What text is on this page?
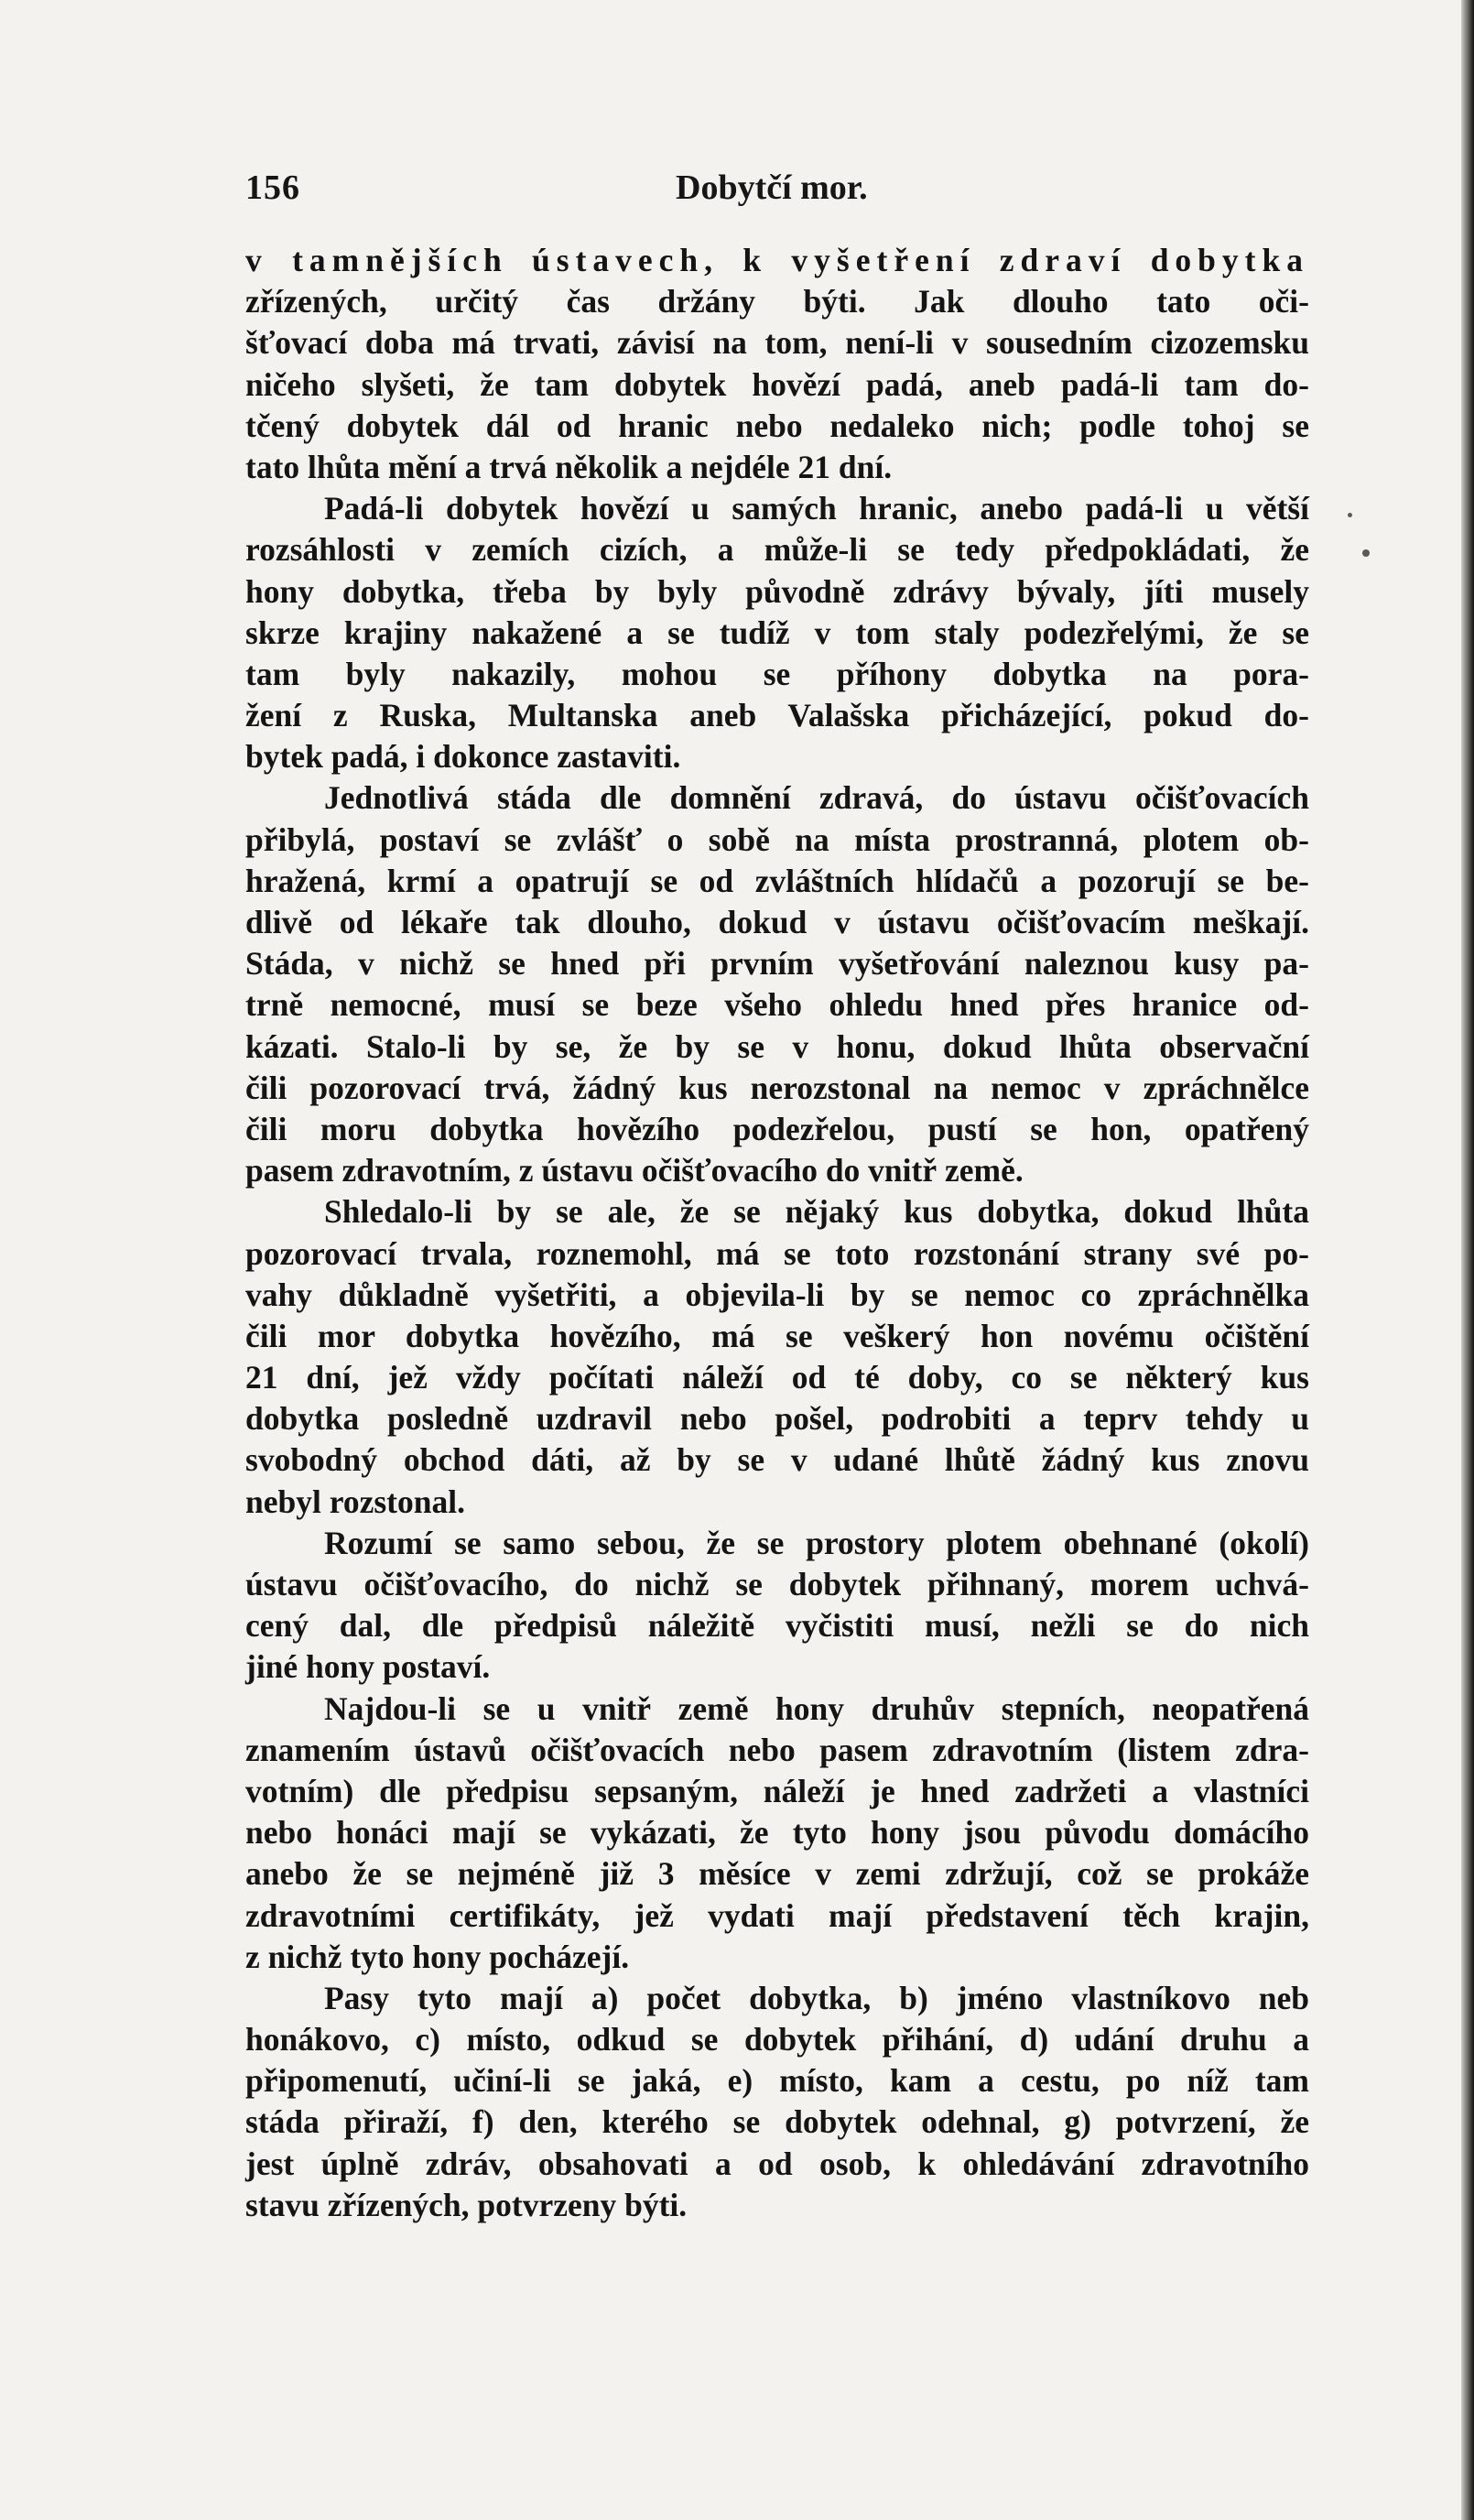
156	Dobytčí mor.
v tamnějších ústavech, k vyšetření zdraví dobytka
zřízených, určitý čas držány býti. Jak dlouho tato oči-
šťovací doba má trvati, závisí na tom, není-li v sousedním cizozemsku
ničeho slyšeti, že tam dobytek hovězí padá, aneb padá-li tam do-
tčený dobytek dál od hranic nebo nedaleko nich; podle tohoj se
tato lhůta mění a trvá několik a nejdéle 21 dní.
Padá-li dobytek hovězí u samých hranic, anebo padá-li u větší
rozsáhlosti v zemích cizích, a může-li se tedy předpokládati, že
hony dobytka, třeba by byly původně zdrávy bývaly, jíti musely
skrze krajiny nakažené a se tudíž v tom staly podezřelými, že se
tam byly nakazily, mohou se příhony dobytka na pora-
žení z Ruska, Multanska aneb Valašska přicházející, pokud do-
bytek padá, i dokonce zastaviti.
Jednotlivá stáda dle domnění zdravá, do ústavu očišťovacích
přibylá, postaví se zvlášť o sobě na místa prostranná, plotem ob-
hražená, krmí a opatrují se od zvláštních hlídačů a pozorují se be-
dlivě od lékaře tak dlouho, dokud v ústavu očišťovacím meškají.
Stáda, v nichž se hned při prvním vyšetřování naleznou kusy pa-
trně nemocné, musí se beze všeho ohledu hned přes hranice od-
kázati. Stalo-li by se, že by se v honu, dokud lhůta observační
čili pozorovací trvá, žádný kus nerozstonal na nemoc v zpráchnělce
čili moru dobytka hovězího podezřelou, pustí se hon, opatřený
pasem zdravotním, z ústavu očišťovacího do vnitř země.
Shledalo-li by se ale, že se nějaký kus dobytka, dokud lhůta
pozorovací trvala, roznemohl, má se toto rozstonání strany své po-
vahy důkladně vyšetřiti, a objevila-li by se nemoc co zpráchnělka
čili mor dobytka hovězího, má se veškerý hon novému očištění
21 dní, jež vždy počítati náleží od té doby, co se některý kus
dobytka posledně uzdravil nebo pošel, podrobiti a teprv tehdy u
svobodný obchod dáti, až by se v udané lhůtě žádný kus znovu
nebyl rozstonal.
Rozumí se samo sebou, že se prostory plotem obehnané (okolí)
ústavu očišťovacího, do nichž se dobytek přihnaný, morem uchvá-
cený dal, dle předpisů náležitě vyčistiti musí, nežli se do nich
jiné hony postaví.
Najdou-li se u vnitř země hony druhův stepních, neopatřená
znamením ústavů očišťovacích nebo pasem zdravotním (listem zdra-
votním) dle předpisu sepsaným, náleží je hned zadržeti a vlastníci
nebo honáci mají se vykázati, že tyto hony jsou původu domácího
anebo že se nejméně již 3 měsíce v zemi zdržují, což se prokáže
zdravotními certifikáty, jež vydati mají představení těch krajin,
z nichž tyto hony pocházejí.
Pasy tyto mají a) počet dobytka, b) jméno vlastníkovo neb
honákovo, c) místo, odkud se dobytek přihání, d) udání druhu a
připomenutí, učiní-li se jaká, e) místo, kam a cestu, po níž tam
stáda přiraží, f) den, kterého se dobytek odehnal, g) potvrzení, že
jest úplně zdráv, obsahovati a od osob, k ohledávání zdravotního
stavu zřízených, potvrzeny býti.
